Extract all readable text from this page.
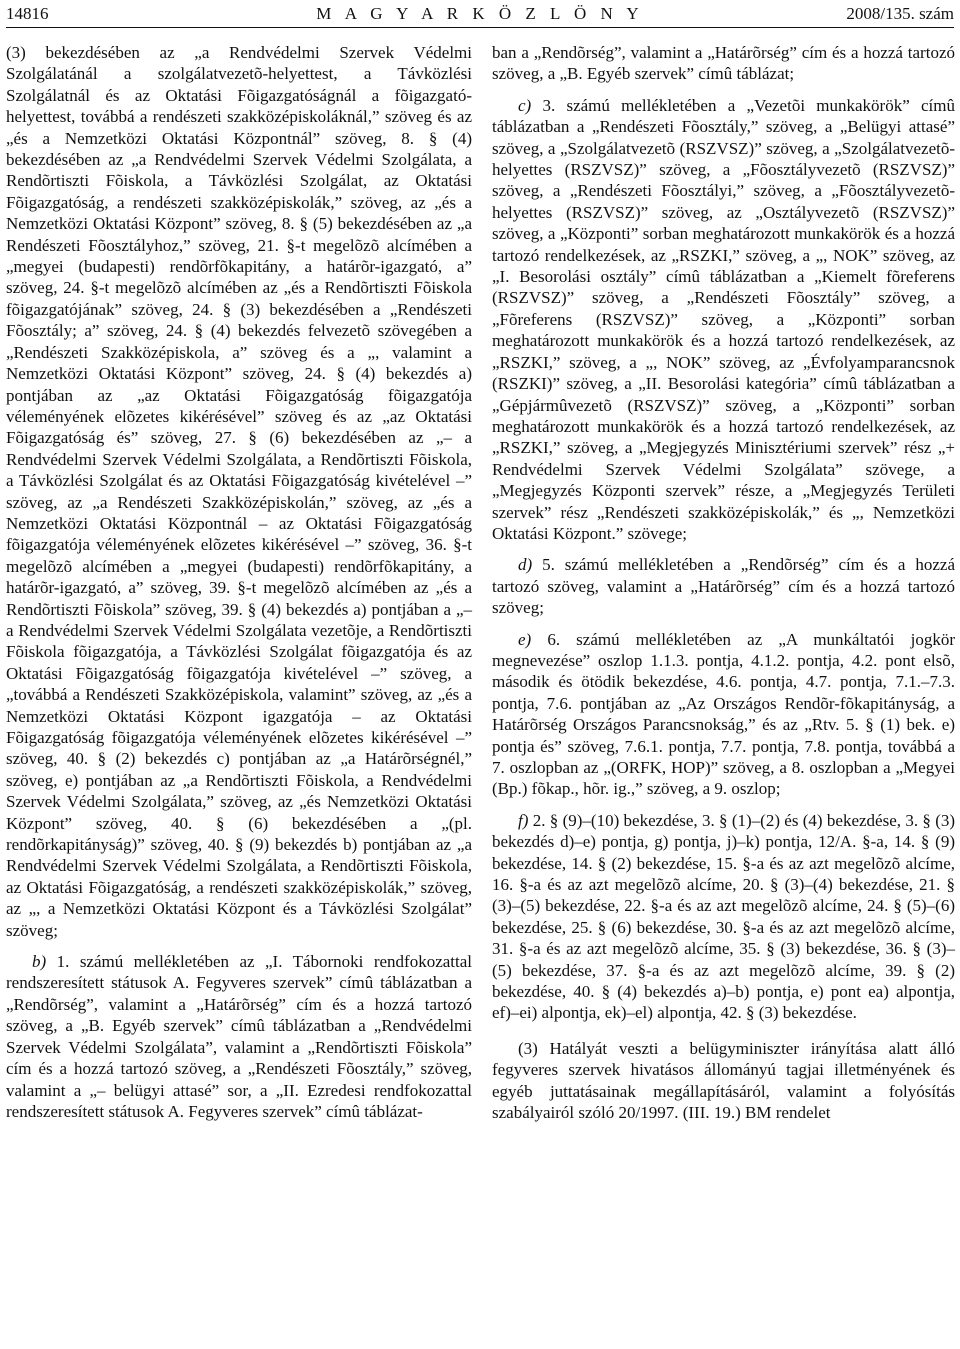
14816	M A G Y A R K Ö Z L Ö N Y	2008/135. szám

(3) bekezdésében az „a Rendvédelmi Szervek Védelmi Szolgálatánál a szolgálatvezetõ-helyettest, a Távközlési Szolgálatnál és az Oktatási Fõigazgatóságnál a fõigazgató-helyettest, továbbá a rendészeti szakközépiskoláknál,” szöveg és az „és a Nemzetközi Oktatási Központnál” szöveg, 8. § (4) bekezdésében az „a Rendvédelmi Szervek Védelmi Szolgálata, a Rendõrtiszti Fõiskola, a Távközlési Szolgálat, az Oktatási Fõigazgatóság, a rendészeti szakközépiskolák,” szöveg, az „és a Nemzetközi Oktatási Központ” szöveg, 8. § (5) bekezdésében az „a Rendészeti Fõosztályhoz,” szöveg, 21. §-t megelõzõ alcímében a „megyei (budapesti) rendõrfõkapitány, a határõr-igazgató, a” szöveg, 24. §-t megelõzõ alcímében az „és a Rendõrtiszti Fõiskola fõigazgatójának” szöveg, 24. § (3) bekezdésében a „Rendészeti Fõosztály; a” szöveg, 24. § (4) bekezdés felvezetõ szövegében a „Rendészeti Szakközépiskola, a” szöveg és a „, valamint a Nemzetközi Oktatási Központ” szöveg, 24. § (4) bekezdés a) pontjában az „az Oktatási Fõigazgatóság fõigazgatója véleményének elõzetes kikérésével” szöveg és az „az Oktatási Fõigazgatóság és” szöveg, 27. § (6) bekezdésében az „– a Rendvédelmi Szervek Védelmi Szolgálata, a Rendõrtiszti Fõiskola, a Távközlési Szolgálat és az Oktatási Fõigazgatóság kivételével –” szöveg, az „a Rendészeti Szakközépiskolán,” szöveg, az „és a Nemzetközi Oktatási Központnál – az Oktatási Fõigazgatóság fõigazgatója véleményének elõzetes kikérésével –” szöveg, 36. §-t megelõzõ alcímében a „megyei (budapesti) rendõrfõkapitány, a határõr-igazgató, a” szöveg, 39. §-t megelõzõ alcímében az „és a Rendõrtiszti Fõiskola” szöveg, 39. § (4) bekezdés a) pontjában a „– a Rendvédelmi Szervek Védelmi Szolgálata vezetõje, a Rendõrtiszti Fõiskola fõigazgatója, a Távközlési Szolgálat fõigazgatója és az Oktatási Fõigazgatóság fõigazgatója kivételével –” szöveg, a „továbbá a Rendészeti Szakközépiskola, valamint” szöveg, az „és a Nemzetközi Oktatási Központ igazgatója – az Oktatási Fõigazgatóság fõigazgatója véleményének elõzetes kikérésével –” szöveg, 40. § (2) bekezdés c) pontjában az „a Határõrségnél,” szöveg, e) pontjában az „a Rendõrtiszti Fõiskola, a Rendvédelmi Szervek Védelmi Szolgálata,” szöveg, az „és Nemzetközi Oktatási Központ” szöveg, 40. § (6) bekezdésében a „(pl. rendõrkapitányság)” szöveg, 40. § (9) bekezdés b) pontjában az „a Rendvédelmi Szervek Védelmi Szolgálata, a Rendõrtiszti Fõiskola, az Oktatási Fõigazgatóság, a rendészeti szakközépiskolák,” szöveg, az „, a Nemzetközi Oktatási Központ és a Távközlési Szolgálat” szöveg;

b) 1. számú mellékletében az „I. Tábornoki rendfokozattal rendszeresített státusok A. Fegyveres szervek” címû táblázatban a „Rendõrség”, valamint a „Határõrség” cím és a hozzá tartozó szöveg, a „B. Egyéb szervek” címû táblázatban a „Rendvédelmi Szervek Védelmi Szolgálata”, valamint a „Rendõrtiszti Fõiskola” cím és a hozzá tartozó szöveg, a „Rendészeti Fõosztály,” szöveg, valamint a „– belügyi attasé” sor, a „II. Ezredesi rendfokozattal rendszeresített státusok A. Fegyveres szervek” címû táblázat-

ban a „Rendõrség”, valamint a „Határõrség” cím és a hozzá tartozó szöveg, a „B. Egyéb szervek” címû táblázat;

c) 3. számú mellékletében a „Vezetõi munkakörök” címû táblázatban a „Rendészeti Fõosztály,” szöveg, a „Belügyi attasé” szöveg, a „Szolgálatvezetõ (RSZVSZ)” szöveg, a „Szolgálatvezetõ-helyettes (RSZVSZ)” szöveg, a „Fõosztályvezetõ (RSZVSZ)” szöveg, a „Rendészeti Fõosztályi,” szöveg, a „Fõosztályvezetõ-helyettes (RSZVSZ)” szöveg, az „Osztályvezetõ (RSZVSZ)” szöveg, a „Központi” sorban meghatározott munkakörök és a hozzá tartozó rendelkezések, az „RSZKI,” szöveg, a „, NOK” szöveg, az „I. Besorolási osztály” címû táblázatban a „Kiemelt fõreferens (RSZVSZ)” szöveg, a „Rendészeti Fõosztály” szöveg, a „Fõreferens (RSZVSZ)” szöveg, a „Központi” sorban meghatározott munkakörök és a hozzá tartozó rendelkezések, az „RSZKI,” szöveg, a „, NOK” szöveg, az „Évfolyamparancsnok (RSZKI)” szöveg, a „II. Besorolási kategória” címû táblázatban a „Gépjármûvezetõ (RSZVSZ)” szöveg, a „Központi” sorban meghatározott munkakörök és a hozzá tartozó rendelkezések, az „RSZKI,” szöveg, a „Megjegyzés Minisztériumi szervek” rész „+ Rendvédelmi Szervek Védelmi Szolgálata” szövege, a „Megjegyzés Központi szervek” része, a „Megjegyzés Területi szervek” rész „Rendészeti szakközépiskolák,” és „, Nemzetközi Oktatási Központ.” szövege;

d) 5. számú mellékletében a „Rendõrség” cím és a hozzá tartozó szöveg, valamint a „Határõrség” cím és a hozzá tartozó szöveg;

e) 6. számú mellékletében az „A munkáltatói jogkör megnevezése” oszlop 1.1.3. pontja, 4.1.2. pontja, 4.2. pont elsõ, második és ötödik bekezdése, 4.6. pontja, 4.7. pontja, 7.1.–7.3. pontja, 7.6. pontjában az „Az Országos Rendõr-fõkapitányság, a Határõrség Országos Parancsnokság,” és az „Rtv. 5. § (1) bek. e) pontja és” szöveg, 7.6.1. pontja, 7.7. pontja, 7.8. pontja, továbbá a 7. oszlopban az „(ORFK, HOP)” szöveg, a 8. oszlopban a „Megyei (Bp.) fõkap., hõr. ig.,” szöveg, a 9. oszlop;

f) 2. § (9)–(10) bekezdése, 3. § (1)–(2) és (4) bekezdése, 3. § (3) bekezdés d)–e) pontja, g) pontja, j)–k) pontja, 12/A. §-a, 14. § (9) bekezdése, 14. § (2) bekezdése, 15. §-a és az azt megelõzõ alcíme, 16. §-a és az azt megelõzõ alcíme, 20. § (3)–(4) bekezdése, 21. § (3)–(5) bekezdése, 22. §-a és az azt megelõzõ alcíme, 24. § (5)–(6) bekezdése, 25. § (6) bekezdése, 30. §-a és az azt megelõzõ alcíme, 31. §-a és az azt megelõzõ alcíme, 35. § (3) bekezdése, 36. § (3)–(5) bekezdése, 37. §-a és az azt megelõzõ alcíme, 39. § (2) bekezdése, 40. § (4) bekezdés a)–b) pontja, e) pont ea) alpontja, ef)–ei) alpontja, ek)–el) alpontja, 42. § (3) bekezdése.

(3) Hatályát veszti a belügyminiszter irányítása alatt álló fegyveres szervek hivatásos állományú tagjai illetményének és egyéb juttatásainak megállapításáról, valamint a folyósítás szabályairól szóló 20/1997. (III. 19.) BM rendelet
